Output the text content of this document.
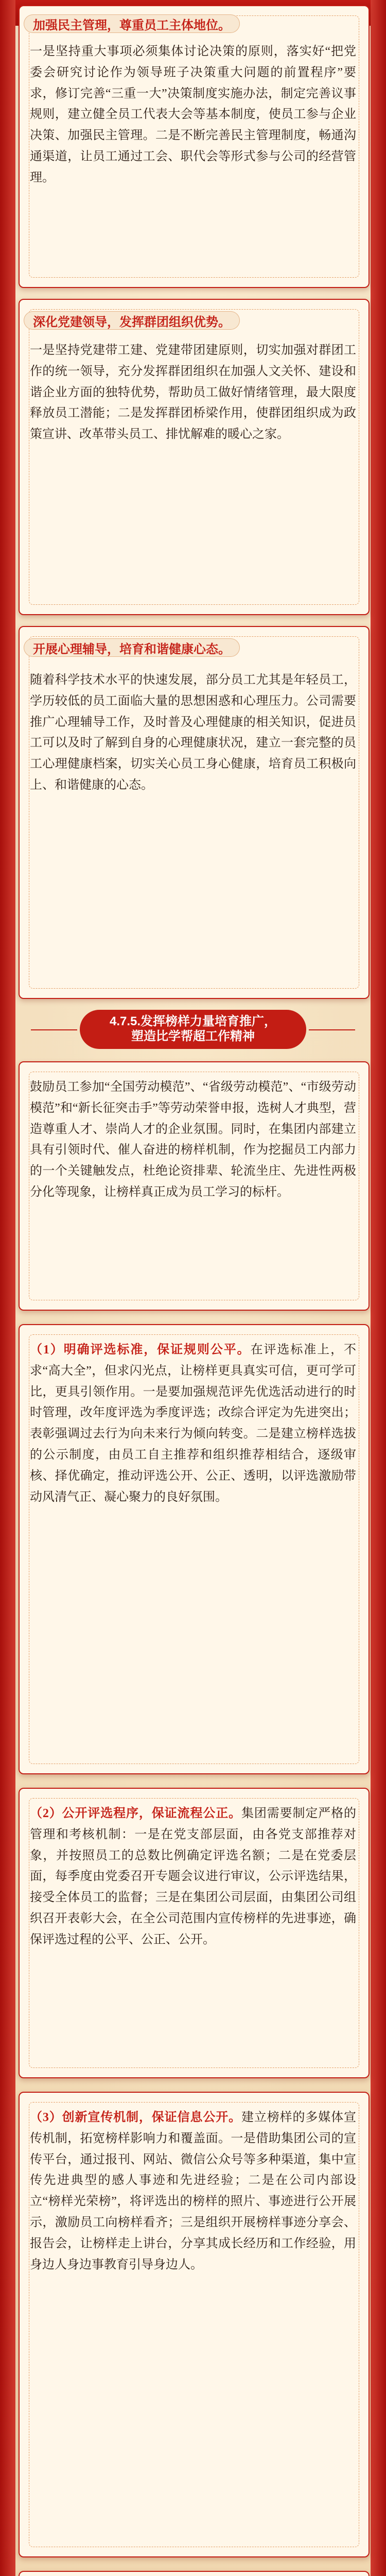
加强民主管理，尊重员工主体地位。
一是坚持重大事项必须集体讨论决策的原则，落实好“把党委会研究讨论作为领导班子决策重大问题的前置程序”要求，修订完善“三重一大”决策制度实施办法，制定完善议事规则，建立健全员工代表大会等基本制度，使员工参与企业决策、加强民主管理。二是不断完善民主管理制度，畅通沟通渠道，让员工通过工会、职代会等形式参与公司的经营管理。
深化党建领导，发挥群团组织优势。
一是坚持党建带工建、党建带团建原则，切实加强对群团工作的统一领导，充分发挥群团组织在加强人文关怀、建设和谐企业方面的独特优势，帮助员工做好情绪管理，最大限度释放员工潜能；二是发挥群团桥梁作用，使群团组织成为政策宣讲、改革带头员工、排忧解难的暖心之家。
开展心理辅导，培育和谐健康心态。
随着科学技术水平的快速发展，部分员工尤其是年轻员工，学历较低的员工面临大量的思想困惑和心理压力。公司需要推广心理辅导工作，及时普及心理健康的相关知识，促进员工可以及时了解到自身的心理健康状况，建立一套完整的员工心理健康档案，切实关心员工身心健康，培育员工积极向上、和谐健康的心态。
4.7.5.发挥榜样力量培育推广，
塑造比学帮超工作精神
鼓励员工参加“全国劳动模范”、“省级劳动模范”、“市级劳动模范”和“新长征突击手”等劳动荣誉申报，选树人才典型，营造尊重人才、崇尚人才的企业氛围。同时，在集团内部建立具有引领时代、催人奋进的榜样机制，作为挖掘员工内部力的一个关键触发点，杜绝论资排辈、轮流坐庄、先进性两极分化等现象，让榜样真正成为员工学习的标杆。
（1）明确评选标准，保证规则公平。在评选标准上，不求“高大全”，但求闪光点，让榜样更具真实可信，更可学可比，更具引领作用。一是要加强规范评先优选活动进行的时时管理，改年度评选为季度评选；改综合评定为先进突出；表彰强调过去行为向未来行为倾向转变。二是建立榜样选拔的公示制度，由员工自主推荐和组织推荐相结合，逐级审核、择优确定，推动评选公开、公正、透明，以评选激励带动风清气正、凝心聚力的良好氛围。
（2）公开评选程序，保证流程公正。集团需要制定严格的管理和考核机制：一是在党支部层面，由各党支部推荐对象，并按照员工的总数比例确定评选名额；二是在党委层面，每季度由党委召开专题会议进行审议，公示评选结果，接受全体员工的监督；三是在集团公司层面，由集团公司组织召开表彰大会，在全公司范围内宣传榜样的先进事迹，确保评选过程的公平、公正、公开。
（3）创新宣传机制，保证信息公开。建立榜样的多媒体宣传机制，拓宽榜样影响力和覆盖面。一是借助集团公司的宣传平台，通过报刊、网站、微信公众号等多种渠道，集中宣传先进典型的感人事迹和先进经验；二是在公司内部设立“榜样光荣榜”，将评选出的榜样的照片、事迹进行公开展示，激励员工向榜样看齐；三是组织开展榜样事迹分享会、报告会，让榜样走上讲台，分享其成长经历和工作经验，用身边人身边事教育引导身边人。
